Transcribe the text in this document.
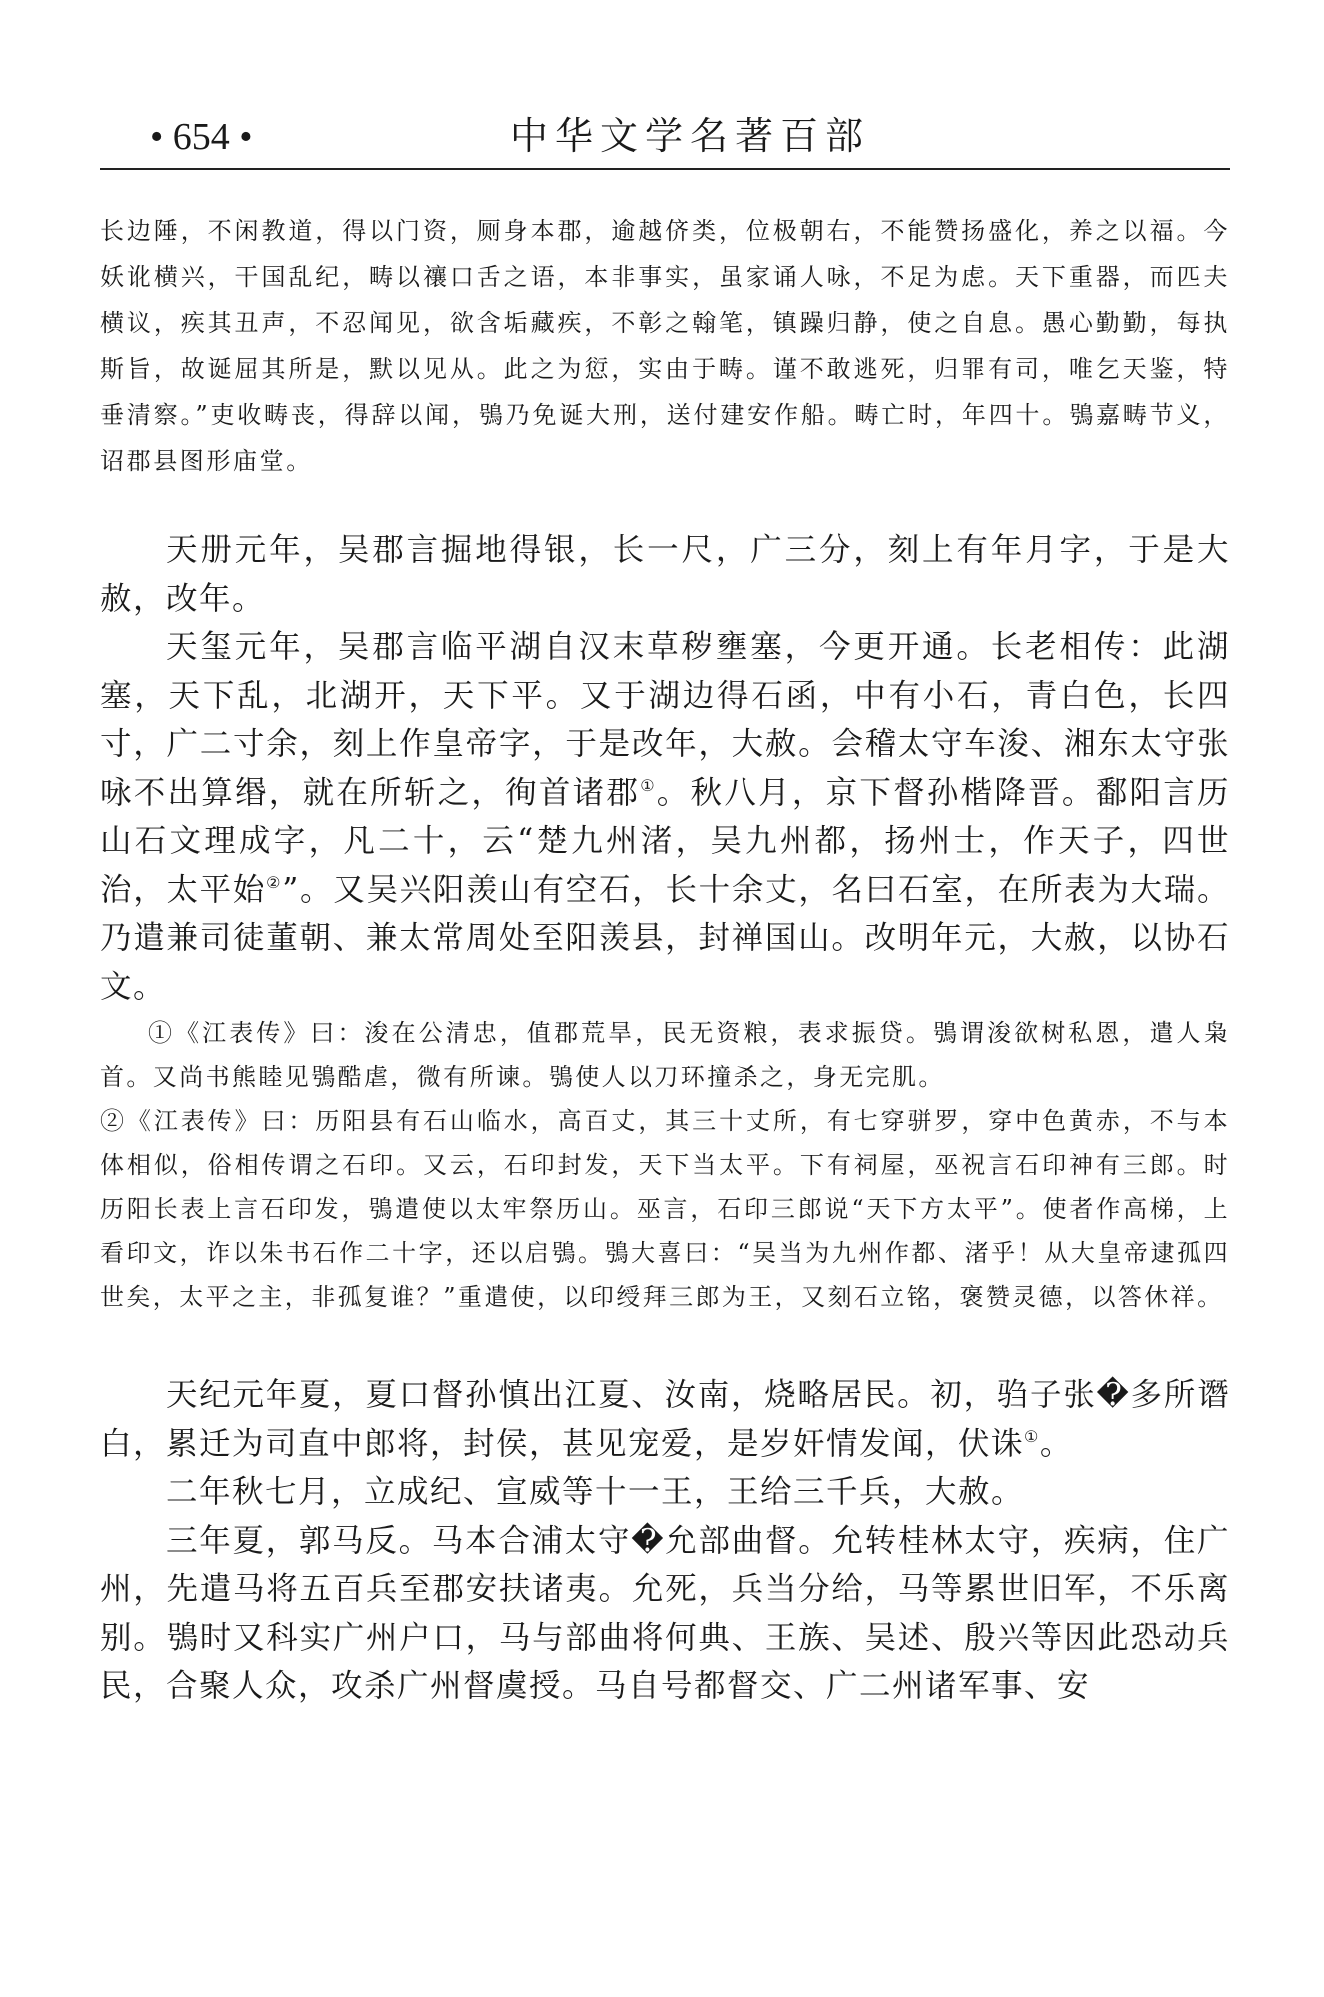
• 654 •	中华文学名著百部

长边陲，不闲教道，得以门资，厕身本郡，逾越侪类，位极朝右，不能赞扬盛化，养之以福。今妖讹横兴，干国乱纪，畴以禳口舌之语，本非事实，虽家诵人咏，不足为虑。天下重器，而匹夫横议，疾其丑声，不忍闻见，欲含垢藏疾，不彰之翰笔，镇躁归静，使之自息。愚心勤勤，每执斯旨，故诞屈其所是，默以见从。此之为愆，实由于畴。谨不敢逃死，归罪有司，唯乞天鉴，特垂清察。”吏收畴丧，得辞以闻，鴞乃免诞大刑，送付建安作船。畴亡时，年四十。鴞嘉畴节义，诏郡县图形庙堂。

天册元年，吴郡言掘地得银，长一尺，广三分，刻上有年月字，于是大赦，改年。

天玺元年，吴郡言临平湖自汉末草秽壅塞，今更开通。长老相传：此湖塞，天下乱，北湖开，天下平。又于湖边得石函，中有小石，青白色，长四寸，广二寸余，刻上作皇帝字，于是改年，大赦。会稽太守车浚、湘东太守张咏不出算缗，就在所斩之，徇首诸郡①。秋八月，京下督孙楷降晋。鄱阳言历山石文理成字，凡二十，云“楚九州渚，吴九州都，扬州士，作天子，四世治，太平始②”。又吴兴阳羡山有空石，长十余丈，名曰石室，在所表为大瑞。乃遣兼司徒董朝、兼太常周处至阳羡县，封禅国山。改明年元，大赦，以协石文。

①《江表传》曰：浚在公清忠，值郡荒旱，民无资粮，表求振贷。鴞谓浚欲树私恩，遣人枭首。又尚书熊睦见鴞酷虐，微有所谏。鴞使人以刀环撞杀之，身无完肌。

②《江表传》曰：历阳县有石山临水，高百丈，其三十丈所，有七穿骈罗，穿中色黄赤，不与本体相似，俗相传谓之石印。又云，石印封发，天下当太平。下有祠屋，巫祝言石印神有三郎。时历阳长表上言石印发，鴞遣使以太牢祭历山。巫言，石印三郎说“天下方太平”。使者作高梯，上看印文，诈以朱书石作二十字，还以启鴞。鴞大喜曰：“吴当为九州作都、渚乎！从大皇帝逮孤四世矣，太平之主，非孤复谁？”重遣使，以印绶拜三郎为王，又刻石立铭，褒赞灵德，以答休祥。

天纪元年夏，夏口督孙慎出江夏、汝南，烧略居民。初，驺子张�多所谮白，累迁为司直中郎将，封侯，甚见宠爱，是岁奸情发闻，伏诛①。

二年秋七月，立成纪、宣威等十一王，王给三千兵，大赦。

三年夏，郭马反。马本合浦太守�允部曲督。允转桂林太守，疾病，住广州，先遣马将五百兵至郡安扶诸夷。允死，兵当分给，马等累世旧军，不乐离别。鴞时又科实广州户口，马与部曲将何典、王族、吴述、殷兴等因此恐动兵民，合聚人众，攻杀广州督虞授。马自号都督交、广二州诸军事、安
